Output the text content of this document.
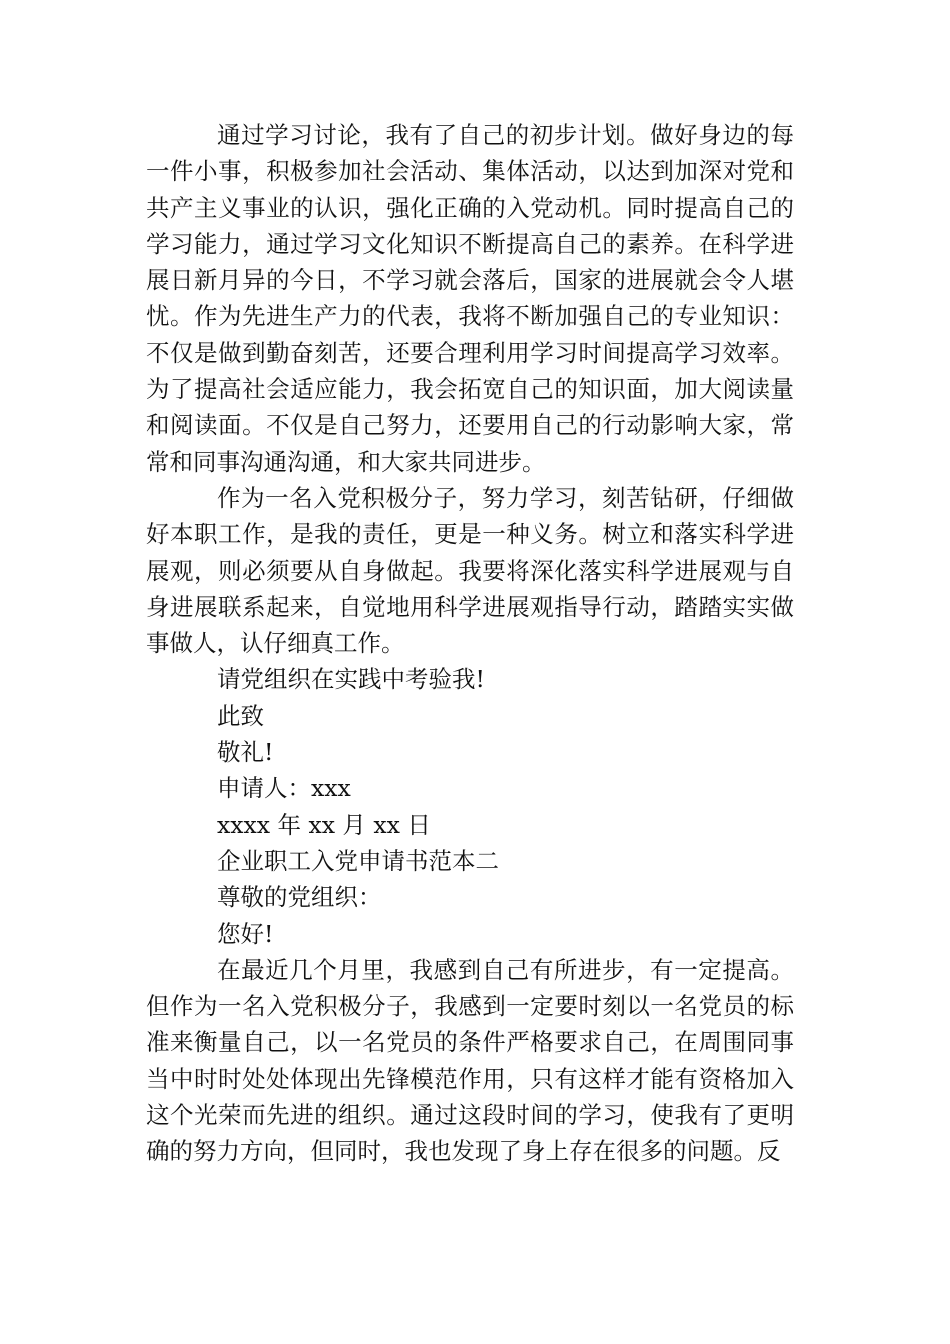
通过学习讨论，我有了自己的初步计划。做好身边的每一件小事，积极参加社会活动、集体活动，以达到加深对党和共产主义事业的认识，强化正确的入党动机。同时提高自己的学习能力，通过学习文化知识不断提高自己的素养。在科学进展日新月异的今日，不学习就会落后，国家的进展就会令人堪忧。作为先进生产力的代表，我将不断加强自己的专业知识：不仅是做到勤奋刻苦，还要合理利用学习时间提高学习效率。为了提高社会适应能力，我会拓宽自己的知识面，加大阅读量和阅读面。不仅是自己努力，还要用自己的行动影响大家，常常和同事沟通沟通，和大家共同进步。

作为一名入党积极分子，努力学习，刻苦钻研，仔细做好本职工作，是我的责任，更是一种义务。树立和落实科学进展观，则必须要从自身做起。我要将深化落实科学进展观与自身进展联系起来，自觉地用科学进展观指导行动，踏踏实实做事做人，认仔细真工作。

请党组织在实践中考验我!

此致

敬礼!

申请人：xxx

xxxx 年 xx 月 xx 日

企业职工入党申请书范本二

尊敬的党组织：

您好!

在最近几个月里，我感到自己有所进步，有一定提高。但作为一名入党积极分子，我感到一定要时刻以一名党员的标准来衡量自己，以一名党员的条件严格要求自己，在周围同事当中时时处处体现出先锋模范作用，只有这样才能有资格加入这个光荣而先进的组织。通过这段时间的学习，使我有了更明确的努力方向，但同时，我也发现了身上存在很多的问题。反
